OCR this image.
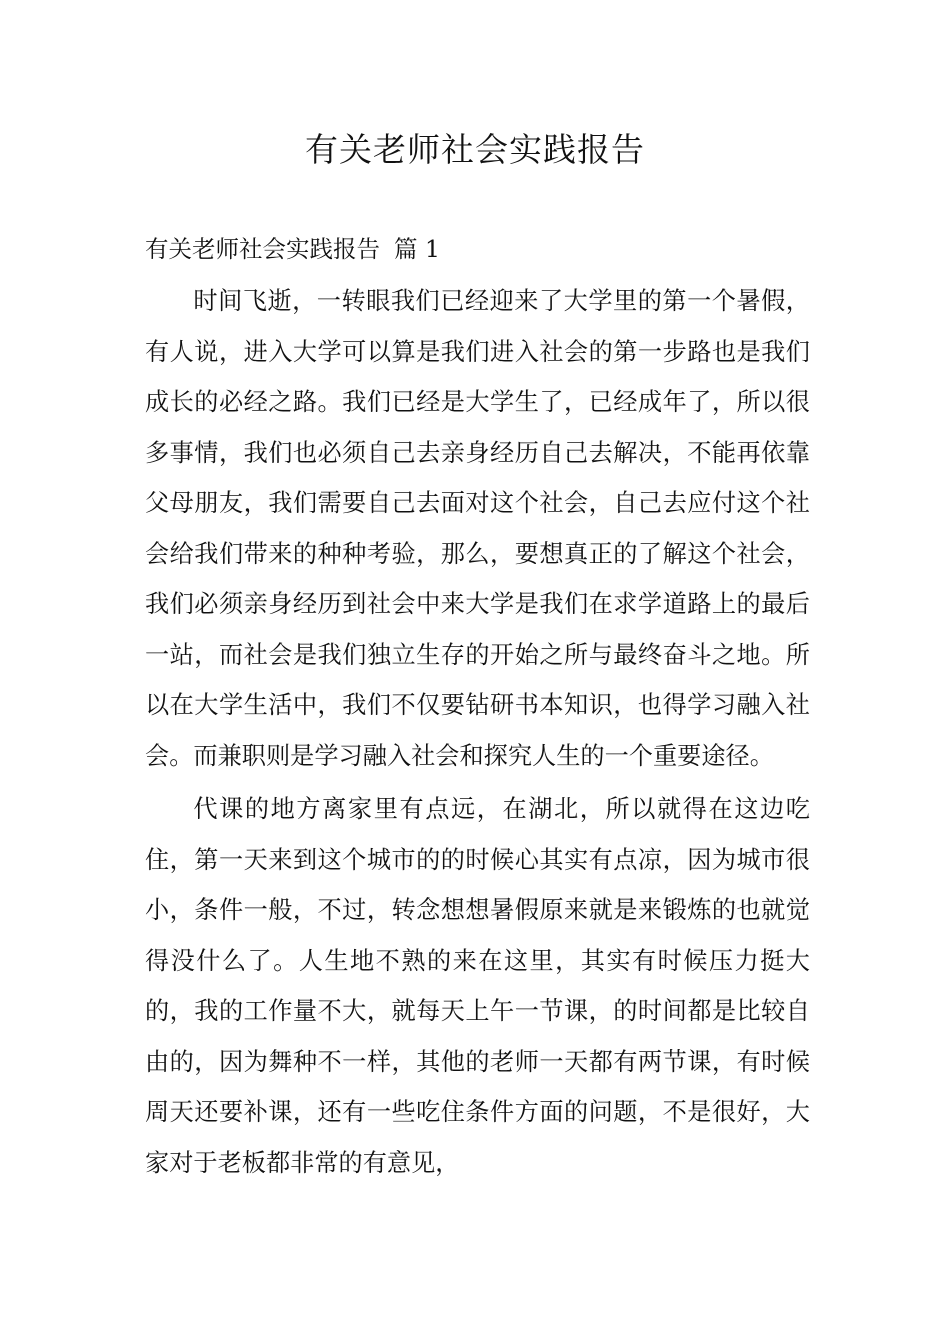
有关老师社会实践报告
有关老师社会实践报告 篇 1

时间飞逝，一转眼我们已经迎来了大学里的第一个暑假，有人说，进入大学可以算是我们进入社会的第一步路也是我们成长的必经之路。我们已经是大学生了，已经成年了，所以很多事情，我们也必须自己去亲身经历自己去解决，不能再依靠父母朋友，我们需要自己去面对这个社会，自己去应付这个社会给我们带来的种种考验，那么，要想真正的了解这个社会，我们必须亲身经历到社会中来大学是我们在求学道路上的最后一站，而社会是我们独立生存的开始之所与最终奋斗之地。所以在大学生活中，我们不仅要钻研书本知识，也得学习融入社会。而兼职则是学习融入社会和探究人生的一个重要途径。

代课的地方离家里有点远，在湖北，所以就得在这边吃住，第一天来到这个城市的的时候心其实有点凉，因为城市很小，条件一般，不过，转念想想暑假原来就是来锻炼的也就觉得没什么了。人生地不熟的来在这里，其实有时候压力挺大的，我的工作量不大，就每天上午一节课，的时间都是比较自由的，因为舞种不一样，其他的老师一天都有两节课，有时候周天还要补课，还有一些吃住条件方面的问题，不是很好，大家对于老板都非常的有意见，
